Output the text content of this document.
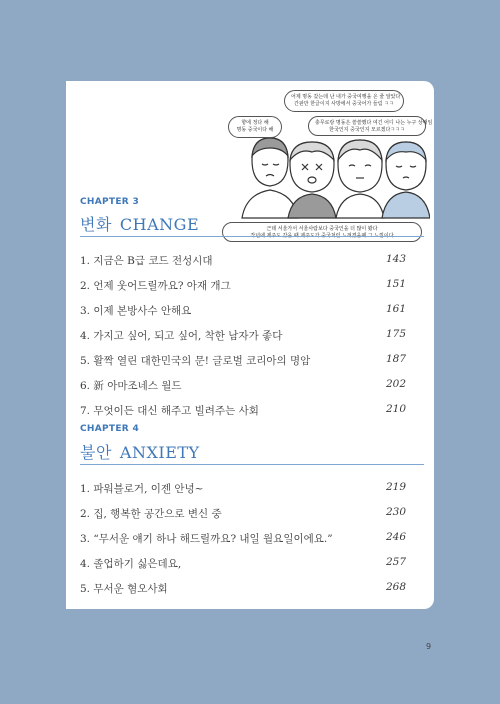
향에 정다 해
명동 중국이다 해
어제 명동 갔는데 난 내가 중국여행을 온 줄 알았다
간판만 한글이지 사방에서 중국어가 들림 ㅋㅋ
충무로랑 명동은 쓸쓸했다 여긴 어디 나는 누구 상태임
한국인지 중국인지 모르겠다ㅋㅋㅋ
근데 서울가서 서울사람보다 중국인을 더 많이 봤다
CHAPTER 3
변화 CHANGE
1. 지금은 B급 코드 전성시대	143
2. 언제 웃어드릴까요? 아재 개그	151
3. 이제 본방사수 안해요	161
4. 가지고 싶어, 되고 싶어, 착한 남자가 좋다	175
5. 활짝 열린 대한민국의 문! 글로벌 코리아의 명암	187
6. 新 아마조네스 월드	202
7. 무엇이든 대신 해주고 빌려주는 사회	210
CHAPTER 4
불안 ANXIETY
1. 파워블로거, 이젠 안녕~	219
2. 집, 행복한 공간으로 변신 중	230
3. “무서운 얘기 하나 해드릴까요? 내일 월요일이에요.”	246
4. 졸업하기 싫은데요,	257
5. 무서운 혐오사회	268
9
